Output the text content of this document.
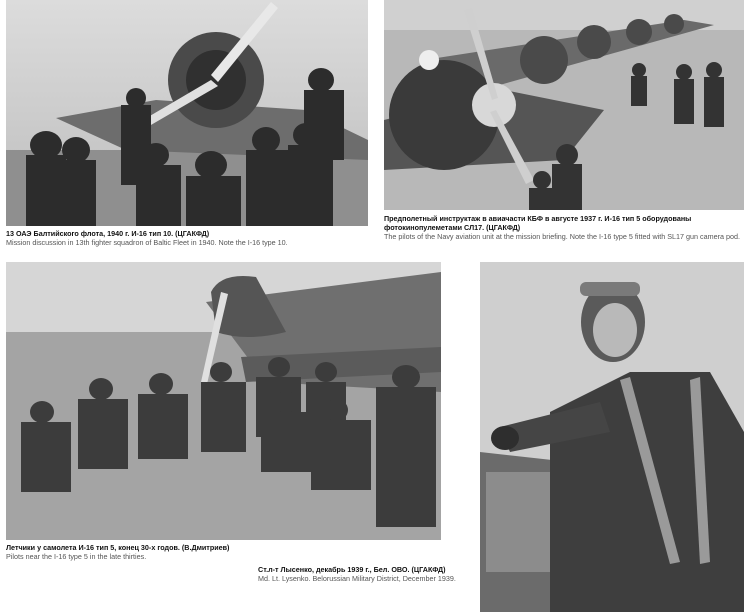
13 ОАЭ Балтийского флота, 1940 г. И-16 тип 10. (ЦГАКФД)
Mission discussion in 13th fighter squadron of Baltic Fleet in 1940. Note the I-16 type 10.
Предполетный инструктаж в авиачасти КБФ в августе 1937 г. И-16 тип 5 оборудованы фотокинопулеметами СЛ17. (ЦГАКФД)
The pilots of the Navy aviation unit at the mission briefing. Note the I-16 type 5 fitted with SL17 gun camera pod.
Летчики у самолета И-16 тип 5, конец 30-х годов. (В.Дмитриев)
Pilots near the I-16 type 5 in the late thirties.
Ст.л-т Лысенко, декабрь 1939 г., Бел. ОВО. (ЦГАКФД)
Md. Lt. Lysenko. Belorussian Military District, December 1939.
